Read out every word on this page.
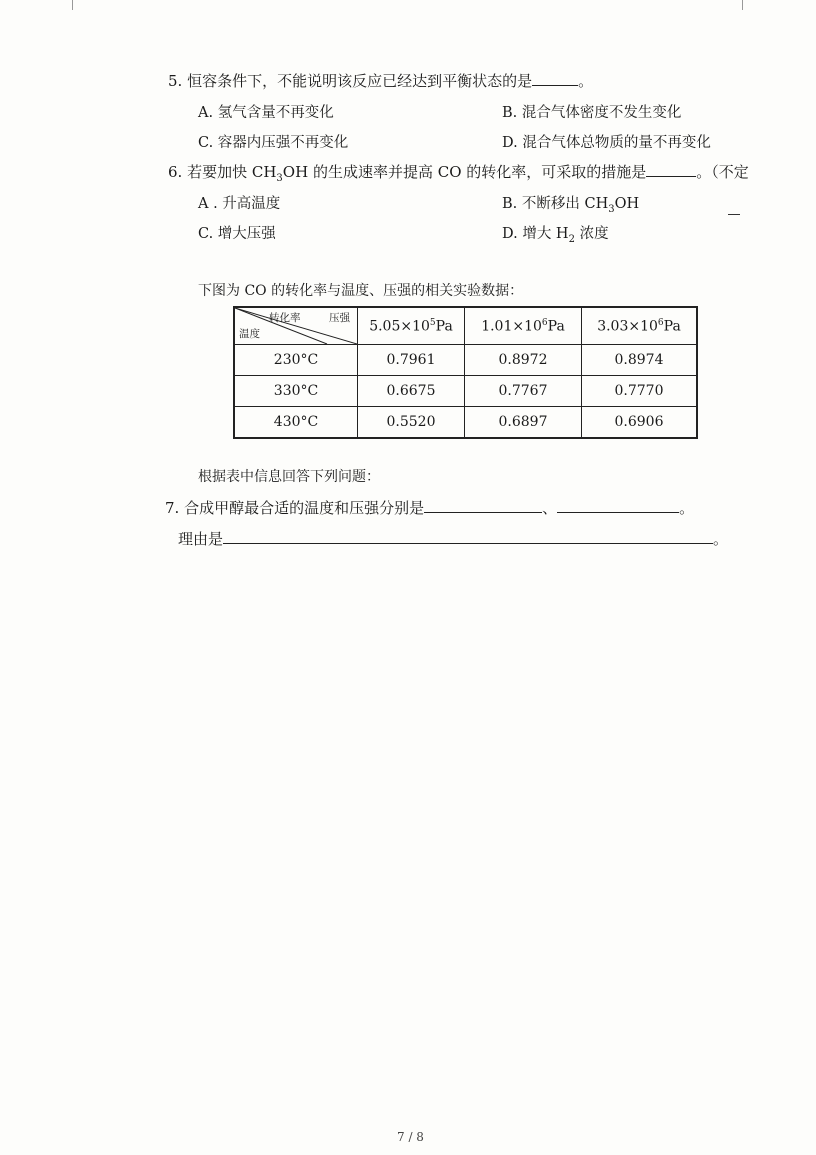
5. 恒容条件下，不能说明该反应已经达到平衡状态的是	。
A. 氢气含量不再变化	B. 混合气体密度不发生变化
C. 容器内压强不再变化	D. 混合气体总物质的量不再变化
6. 若要加快 $CH_3OH$ 的生成速率并提高 CO 的转化率，可采取的措施是	。（不定
A . 升高温度	B. 不断移出 $CH_3OH$
C. 增大压强	D. 增大 $H_2$ 浓度
下图为 CO 的转化率与温度、压强的相关实验数据：
转化率 压强
温度	$5.05\times 10^5Pa$	$1.01\times 10^6Pa$	$3.03\times 10^6Pa$
230°C	0.7961	0.8972	0.8974
330°C	0.6675	0.7767	0.7770
430°C	0.5520	0.6897	0.6906
根据表中信息回答下列问题：
7. 合成甲醇最合适的温度和压强分别是	、	。
理由是	。
7 / 8
